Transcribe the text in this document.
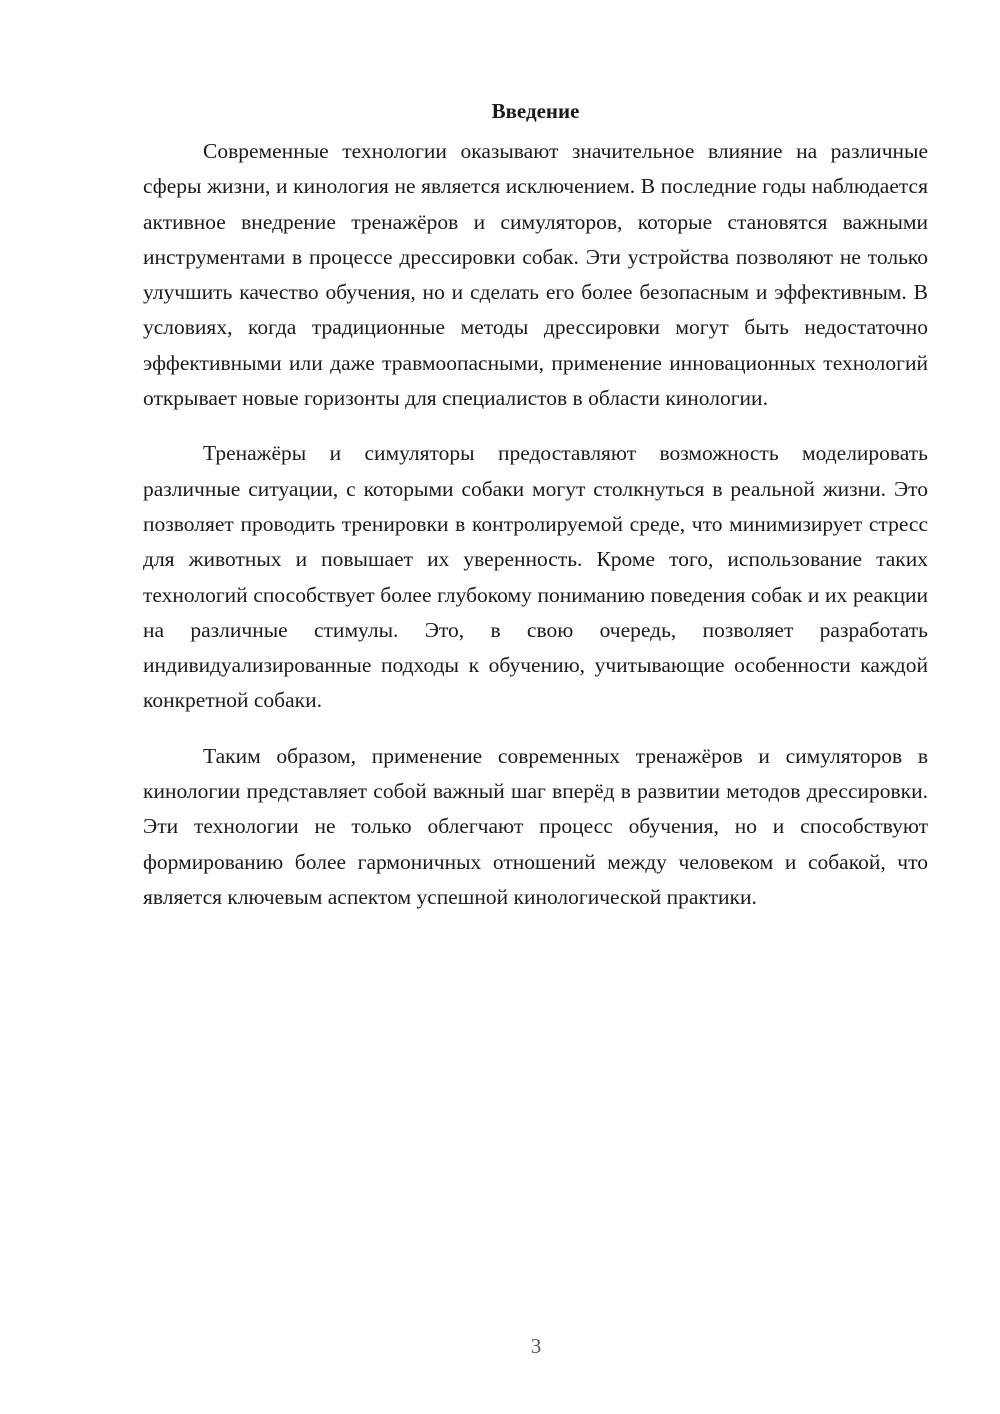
Введение

Современные технологии оказывают значительное влияние на различные сферы жизни, и кинология не является исключением. В последние годы наблюдается активное внедрение тренажёров и симуляторов, которые становятся важными инструментами в процессе дрессировки собак. Эти устройства позволяют не только улучшить качество обучения, но и сделать его более безопасным и эффективным. В условиях, когда традиционные методы дрессировки могут быть недостаточно эффективными или даже травмоопасными, применение инновационных технологий открывает новые горизонты для специалистов в области кинологии.

Тренажёры и симуляторы предоставляют возможность моделировать различные ситуации, с которыми собаки могут столкнуться в реальной жизни. Это позволяет проводить тренировки в контролируемой среде, что минимизирует стресс для животных и повышает их уверенность. Кроме того, использование таких технологий способствует более глубокому пониманию поведения собак и их реакции на различные стимулы. Это, в свою очередь, позволяет разработать индивидуализированные подходы к обучению, учитывающие особенности каждой конкретной собаки.

Таким образом, применение современных тренажёров и симуляторов в кинологии представляет собой важный шаг вперёд в развитии методов дрессировки. Эти технологии не только облегчают процесс обучения, но и способствуют формированию более гармоничных отношений между человеком и собакой, что является ключевым аспектом успешной кинологической практики.

3
